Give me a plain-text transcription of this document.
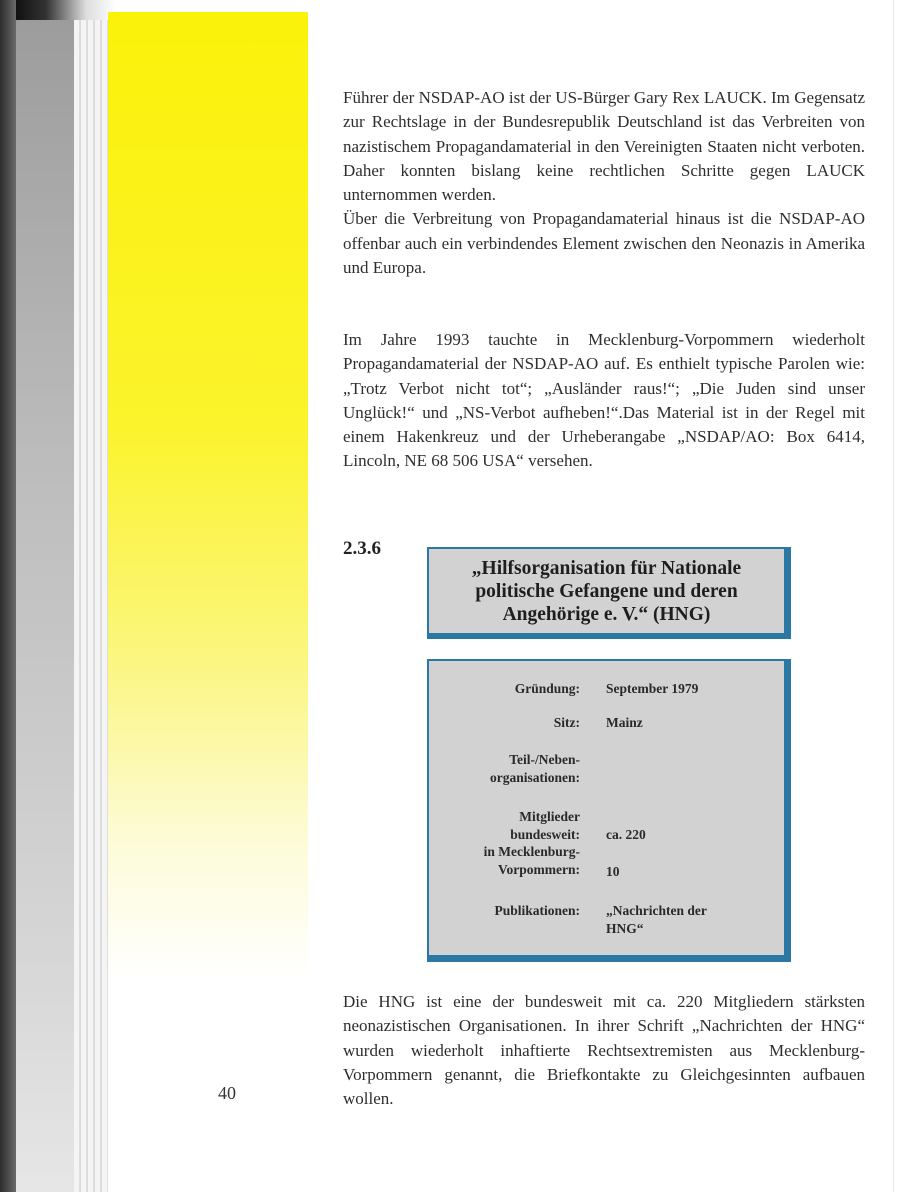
Führer der NSDAP-AO ist der US-Bürger Gary Rex LAUCK. Im Gegensatz zur Rechtslage in der Bundesrepublik Deutschland ist das Verbreiten von nazistischem Propagandamaterial in den Vereinigten Staaten nicht verboten. Daher konnten bislang keine rechtlichen Schritte gegen LAUCK unternommen werden.
Über die Verbreitung von Propagandamaterial hinaus ist die NSDAP-AO offenbar auch ein verbindendes Element zwischen den Neonazis in Amerika und Europa.

Im Jahre 1993 tauchte in Mecklenburg-Vorpommern wiederholt Propagandamaterial der NSDAP-AO auf. Es enthielt typische Parolen wie: „Trotz Verbot nicht tot“; „Ausländer raus!“; „Die Juden sind unser Unglück!“ und „NS-Verbot aufheben!“.Das Material ist in der Regel mit einem Hakenkreuz und der Urheberangabe „NSDAP/AO: Box 6414, Lincoln, NE 68 506 USA“ versehen.

2.3.6

„Hilfsorganisation für Nationale politische Gefangene und deren Angehörige e. V.“ (HNG)

Gründung: September 1979

Sitz: Mainz

Teil-/Neben-
organisationen:

Mitglieder
bundesweit:
in Mecklenburg-
Vorpommern:

ca. 220

10

Publikationen: „Nachrichten der
HNG“

Die HNG ist eine der bundesweit mit ca. 220 Mitgliedern stärksten neonazistischen Organisationen. In ihrer Schrift „Nachrichten der HNG“ wurden wiederholt inhaftierte Rechtsextremisten aus Mecklenburg-Vorpommern genannt, die Briefkontakte zu Gleichgesinnten aufbauen wollen.

40
